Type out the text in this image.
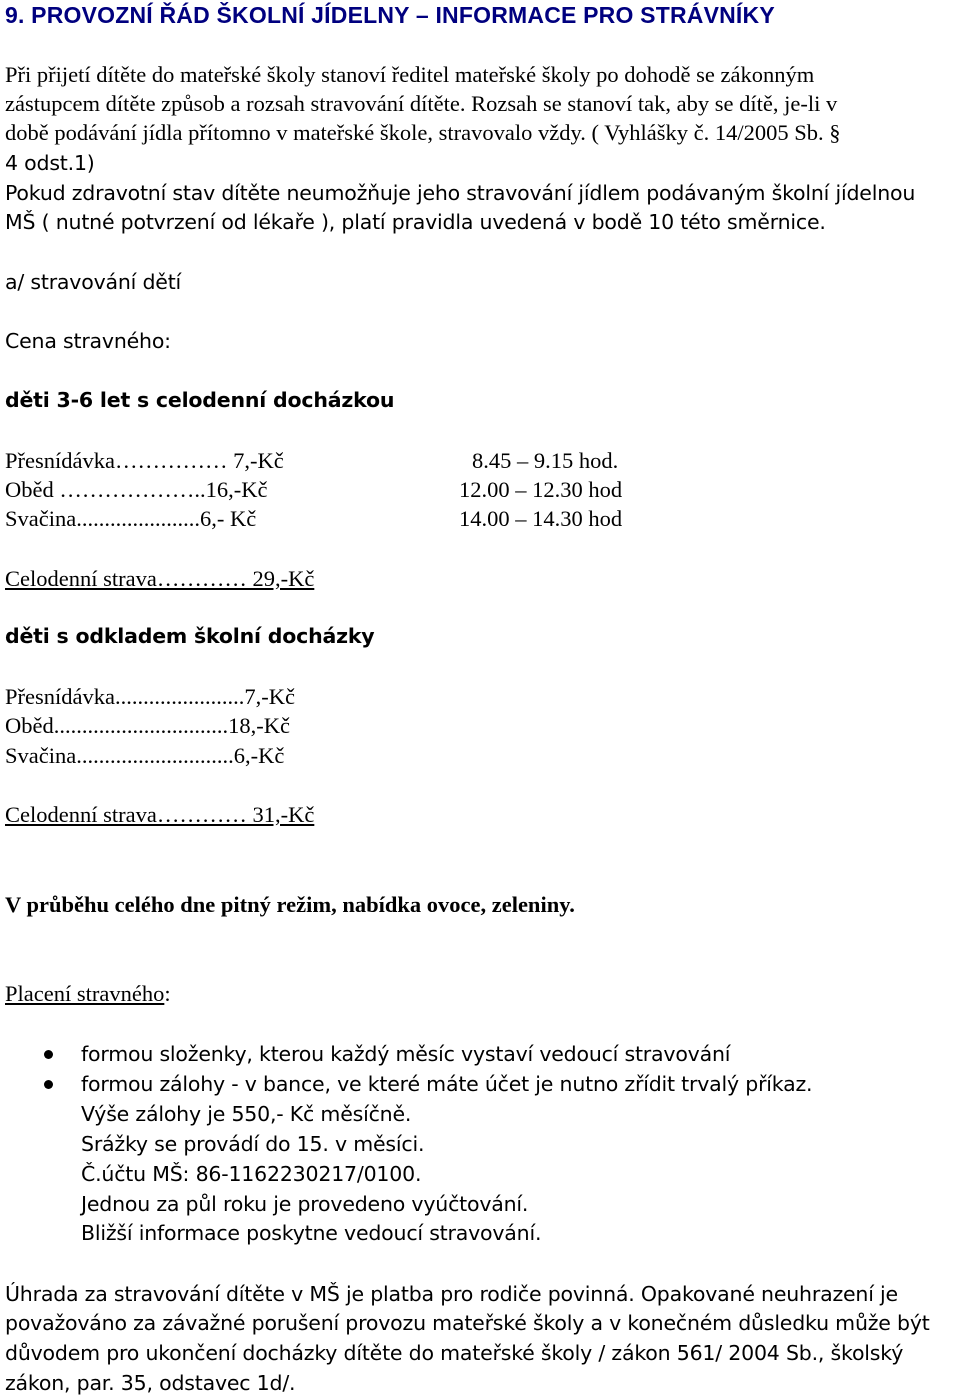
9. PROVOZNÍ ŘÁD ŠKOLNÍ JÍDELNY – INFORMACE PRO STRÁVNÍKY
Při přijetí dítěte do mateřské školy stanoví ředitel mateřské školy po dohodě se zákonným
zástupcem dítěte způsob a rozsah stravování dítěte. Rozsah se stanoví tak, aby se dítě, je-li v
době podávání jídla přítomno v mateřské škole, stravovalo vždy. ( Vyhlášky č. 14/2005 Sb. §
4 odst.1)
Pokud zdravotní stav dítěte neumožňuje jeho stravování jídlem podávaným školní jídelnou
MŠ ( nutné potvrzení od lékaře ), platí pravidla uvedená v bodě 10 této směrnice.
a/ stravování dětí
Cena stravného:
děti 3-6 let s celodenní docházkou
Přesnídávka…………… 7,-Kč	8.45 – 9.15 hod.
Oběd ………………..16,-Kč	12.00 – 12.30 hod
Svačina......................6,- Kč	14.00 – 14.30 hod
Celodenní strava………… 29,-Kč
děti s odkladem školní docházky
Přesnídávka.......................7,-Kč
Oběd...............................18,-Kč
Svačina............................6,-Kč
Celodenní strava………… 31,-Kč
V průběhu celého dne pitný režim, nabídka ovoce, zeleniny.
Placení stravného:
formou složenky, kterou každý měsíc vystaví vedoucí stravování
formou zálohy - v bance, ve které máte účet je nutno zřídit trvalý příkaz.
Výše zálohy je 550,- Kč měsíčně.
Srážky se provádí do 15. v měsíci.
Č.účtu MŠ: 86-1162230217/0100.
Jednou za půl roku je provedeno vyúčtování.
Bližší informace poskytne vedoucí stravování.
Úhrada za stravování dítěte v MŠ je platba pro rodiče povinná. Opakované neuhrazení je
považováno za závažné porušení provozu mateřské školy a v konečném důsledku může být
důvodem pro ukončení docházky dítěte do mateřské školy / zákon 561/ 2004 Sb., školský
zákon, par. 35, odstavec 1d/.
